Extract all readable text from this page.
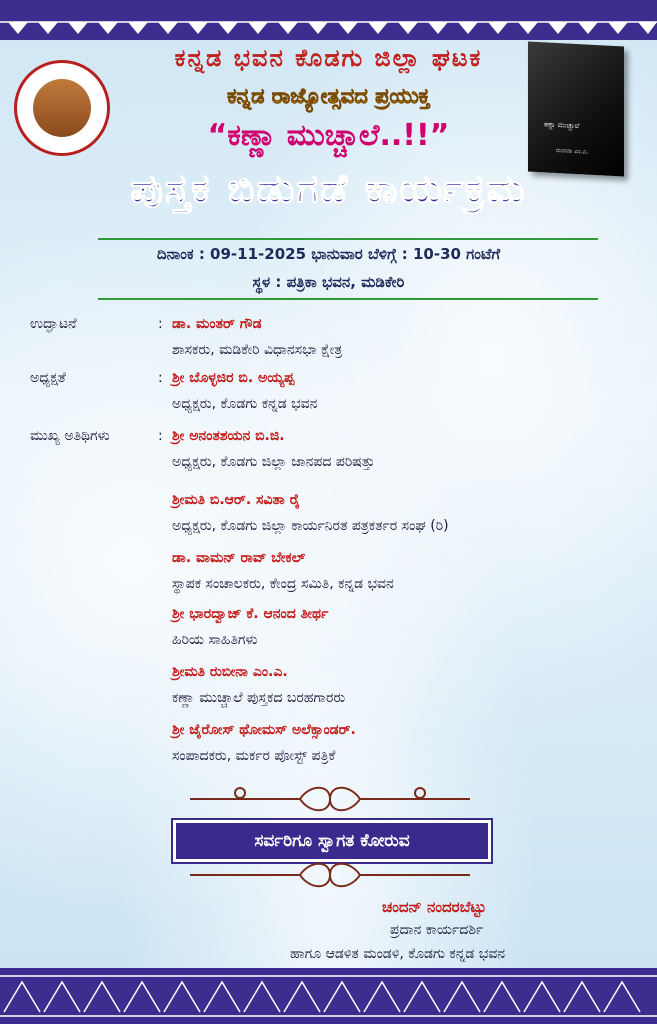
ಕಣ್ಣಾ ಮುಚ್ಚಾಲೆ
ರುಬೀನಾ ಎಂ.ಎ.
ಕನ್ನಡ ಭವನ ಕೊಡಗು ಜಿಲ್ಲಾ ಘಟಕ
ಕನ್ನಡ ರಾಜ್ಯೋತ್ಸವದ ಪ್ರಯುಕ್ತ
“ಕಣ್ಣಾ ಮುಚ್ಚಾಲೆ..!!”
ಪುಸ್ತಕ ಬಿಡುಗಡೆ ಕಾರ್ಯಕ್ರಮ
ದಿನಾಂಕ : 09-11-2025 ಭಾನುವಾರ ಬೆಳಿಗ್ಗೆ : 10-30 ಗಂಟೆಗೆ
ಸ್ಥಳ : ಪತ್ರಿಕಾ ಭವನ, ಮಡಿಕೇರಿ
ಉದ್ಘಾಟನೆ	: ಡಾ. ಮಂತರ್ ಗೌಡ
ಶಾಸಕರು, ಮಡಿಕೇರಿ ವಿಧಾನಸಭಾ ಕ್ಷೇತ್ರ
ಅಧ್ಯಕ್ಷತೆ	: ಶ್ರೀ ಬೊಳ್ಳಜಿರ ಬಿ. ಅಯ್ಯಪ್ಪ
ಅಧ್ಯಕ್ಷರು, ಕೊಡಗು ಕನ್ನಡ ಭವನ
ಮುಖ್ಯ ಅತಿಥಿಗಳು	: ಶ್ರೀ ಅನಂತಶಯನ ಬಿ.ಜಿ.
ಅಧ್ಯಕ್ಷರು, ಕೊಡಗು ಜಿಲ್ಲಾ ಜಾನಪದ ಪರಿಷತ್ತು
ಶ್ರೀಮತಿ ಬಿ.ಆರ್. ಸವಿತಾ ರೈ
ಅಧ್ಯಕ್ಷರು, ಕೊಡಗು ಜಿಲ್ಲಾ ಕಾರ್ಯನಿರತ ಪತ್ರಕರ್ತರ ಸಂಘ (ರಿ)
ಡಾ. ವಾಮನ್ ರಾವ್ ಬೇಕಲ್
ಸ್ಥಾಪಕ ಸಂಚಾಲಕರು, ಕೇಂದ್ರ ಸಮಿತಿ, ಕನ್ನಡ ಭವನ
ಶ್ರೀ ಭಾರದ್ವಾಜ್ ಕೆ. ಆನಂದ ತೀರ್ಥ
ಹಿರಿಯ ಸಾಹಿತಿಗಳು
ಶ್ರೀಮತಿ ರುಬೀನಾ ಎಂ.ಎ.
ಕಣ್ಣಾ ಮುಚ್ಚಾಲೆ ಪುಸ್ತಕದ ಬರಹಗಾರರು
ಶ್ರೀ ಜೈರೋಸ್ ಥೋಮಸ್ ಅಲೆಕ್ಸಾಂಡರ್.
ಸಂಪಾದಕರು, ಮರ್ಕರ ಪೋಸ್ಟ್ ಪತ್ರಿಕೆ
ಸರ್ವರಿಗೂ ಸ್ವಾಗತ ಕೋರುವ
ಚಂದನ್ ನಂದರಬೆಟ್ಟು
ಪ್ರದಾನ ಕಾರ್ಯದರ್ಶಿ
ಹಾಗೂ ಆಡಳಿತ ಮಂಡಳಿ, ಕೊಡಗು ಕನ್ನಡ ಭವನ
